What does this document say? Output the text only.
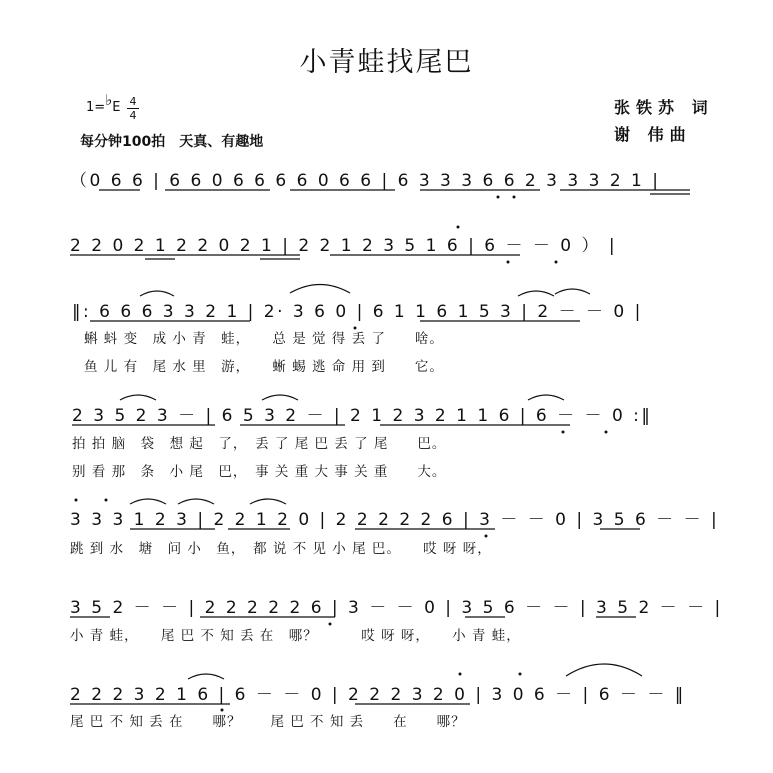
小青蛙找尾巴
张铁苏 词
谢 伟曲
1=♭E 4
4
每分钟100拍　天真、有趣地
（0 6 6 | 6 6 0 6 6 6 6 0 6 6 | 6 3 3 3 6 6 2 3 3 3 2 1 |
2 2 0 2 1 2 2 0 2 1 | 2 2 1 2 3 5 1 6 | 6 － － 0 ） |
‖: 6 6 6 3 3 2 1 | 2· 3 6 0 | 6 1 1 6 1 5 3 | 2 － － 0 |
蝌 蚪 变　成 小 青　蛙，　　总 是 觉 得 丢 了　　啥。
鱼 儿 有　尾 水 里　游，　　蜥 蜴 逃 命 用 到　　它。
2 3 5 2 3 － | 6 5 3 2 － | 2 1 2 3 2 1 1 6 | 6 － － 0 :‖
拍 拍 脑　袋　想 起　了，　丢 了 尾 巴 丢 了 尾　　巴。
别 看 那　条　小 尾　巴，　事 关 重 大 事 关 重　　大。
3 3 3 1 2 3 | 2 2 1 2 0 | 2 2 2 2 2 6 | 3 － － 0 | 3 5 6 － － |
跳 到 水　塘　问 小　鱼，　都 说 不 见 小 尾 巴。　　哎 呀 呀，
3 5 2 － － | 2 2 2 2 2 6 | 3 － － 0 | 3 5 6 － － | 3 5 2 － － |
小 青 蛙，　　尾 巴 不 知 丢 在　哪？　　　哎 呀 呀，　　小 青 蛙，
2 2 2 3 2 1 6 | 6 － － 0 | 2 2 2 3 2 0 | 3 0 6 － | 6 － － ‖
尾 巴 不 知 丢 在　　哪？　　尾 巴 不 知 丢　　在　　哪？
